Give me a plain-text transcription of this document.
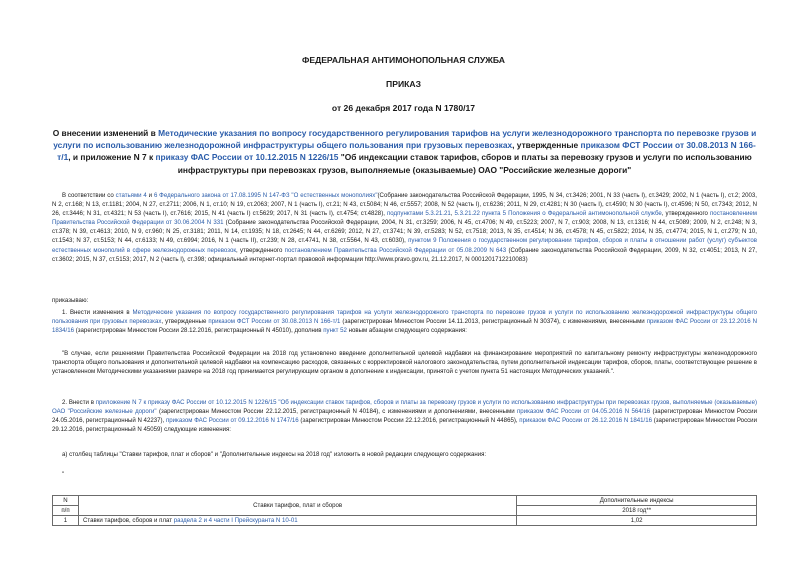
ФЕДЕРАЛЬНАЯ АНТИМОНОПОЛЬНАЯ СЛУЖБА
ПРИКАЗ
от 26 декабря 2017 года N 1780/17
О внесении изменений в Методические указания по вопросу государственного регулирования тарифов на услуги железнодорожного транспорта по перевозке грузов и услуги по использованию железнодорожной инфраструктуры общего пользования при грузовых перевозках, утвержденные приказом ФСТ России от 30.08.2013 N 166-т/1, и приложение N 7 к приказу ФАС России от 10.12.2015 N 1226/15 "Об индексации ставок тарифов, сборов и платы за перевозку грузов и услуги по использованию инфраструктуры при перевозках грузов, выполняемые (оказываемые) ОАО "Российские железные дороги"
В соответствии со статьями 4 и 6 Федерального закона от 17.08.1995 N 147-ФЗ "О естественных монополиях"(Собрание законодательства Российской Федерации, 1995, N 34, ст.3426; 2001, N 33 (часть I), ст.3429; 2002, N 1 (часть I), ст.2; 2003, N 2, ст.168; N 13, ст.1181; 2004, N 27, ст.2711; 2006, N 1, ст.10; N 19, ст.2063; 2007, N 1 (часть I), ст.21; N 43, ст.5084; N 46, ст.5557; 2008, N 52 (часть I), ст.6236; 2011, N 29, ст.4281; N 30 (часть I), ст.4590; N 30 (часть I), ст.4596; N 50, ст.7343; 2012, N 26, ст.3446; N 31, ст.4321; N 53 (часть I), ст.7616; 2015, N 41 (часть I) ст.5629; 2017, N 31 (часть I), ст.4754; ст.4828), подпунктами 5.3.21.21, 5.3.21.22 пункта 5 Положения о Федеральной антимонопольной службе, утвержденного постановлением Правительства Российской Федерации от 30.06.2004 N 331 (Собрание законодательства Российской Федерации, 2004, N 31, ст.3259; 2006, N 45, ст.4706; N 49, ст.5223; 2007, N 7, ст.903; 2008, N 13, ст.1316; N 44, ст.5089; 2009, N 2, ст.248; N 3, ст.378; N 39, ст.4613; 2010, N 9, ст.960; N 25, ст.3181; 2011, N 14, ст.1935; N 18, ст.2645; N 44, ст.6269; 2012, N 27, ст.3741; N 39, ст.5283; N 52, ст.7518; 2013, N 35, ст.4514; N 36, ст.4578; N 45, ст.5822; 2014, N 35, ст.4774; 2015, N 1, ст.279; N 10, ст.1543; N 37, ст.5153; N 44, ст.6133; N 49, ст.6994; 2016, N 1 (часть II), ст.239; N 28, ст.4741, N 38, ст.5564, N 43, ст.6030), пунктом 9 Положения о государственном регулировании тарифов, сборов и платы в отношении работ (услуг) субъектов естественных монополий в сфере железнодорожных перевозок, утвержденного постановлением Правительства Российской Федерации от 05.08.2009 N 643 (Собрание законодательства Российской Федерации, 2009, N 32, ст.4051; 2013, N 27, ст.3602; 2015, N 37, ст.5153; 2017, N 2 (часть I), ст.398; официальный интернет-портал правовой информации http://www.pravo.gov.ru, 21.12.2017, N 0001201712210083)
приказываю:
1. Внести изменения в Методические указания по вопросу государственного регулирования тарифов на услуги железнодорожного транспорта по перевозке грузов и услуги по использованию железнодорожной инфраструктуры общего пользования при грузовых перевозках, утвержденные приказом ФСТ России от 30.08.2013 N 166-т/1 (зарегистрирован Минюстом России 14.11.2013, регистрационный N 30374), с изменениями, внесенными приказом ФАС России от 23.12.2016 N 1834/16 (зарегистрирован Минюстом России 28.12.2016, регистрационный N 45010), дополнив пункт 52 новым абзацем следующего содержания:
"В случае, если решениями Правительства Российской Федерации на 2018 год установлено введение дополнительной целевой надбавки на финансирование мероприятий по капитальному ремонту инфраструктуры железнодорожного транспорта общего пользования и дополнительной целевой надбавки на компенсацию расходов, связанных с корректировкой налогового законодательства, путем дополнительной индексации тарифов, сборов, платы, соответствующее решение в установленном Методическими указаниями размере на 2018 год принимается регулирующим органом в дополнение к индексации, принятой с учетом пункта 51 настоящих Методических указаний.".
2. Внести в приложение N 7 к приказу ФАС России от 10.12.2015 N 1226/15 "Об индексации ставок тарифов, сборов и платы за перевозку грузов и услуги по использованию инфраструктуры при перевозках грузов, выполняемые (оказываемые) ОАО "Российские железные дороги" (зарегистрирован Минюстом России 22.12.2015, регистрационный N 40184), с изменениями и дополнениями, внесенными приказом ФАС России от 04.05.2016 N 564/16 (зарегистрирован Минюстом России 24.05.2016, регистрационный N 42237), приказом ФАС России от 09.12.2016 N 1747/16 (зарегистрирован Минюстом России 22.12.2016, регистрационный N 44865), приказом ФАС России от 26.12.2016 N 1841/16 (зарегистрирован Минюстом России 29.12.2016, регистрационный N 45059) следующие изменения:
а) столбец таблицы "Ставки тарифов, плат и сборов" и "Дополнительные индексы на 2018 год" изложить в новой редакции следующего содержания:
"
N	Ставки тарифов, плат и сборов	Дополнительные индексы
п/п		2018 год**
1	Ставки тарифов, сборов и плат раздела 2 и 4 части I Прейскуранта N 10-01	1,02
